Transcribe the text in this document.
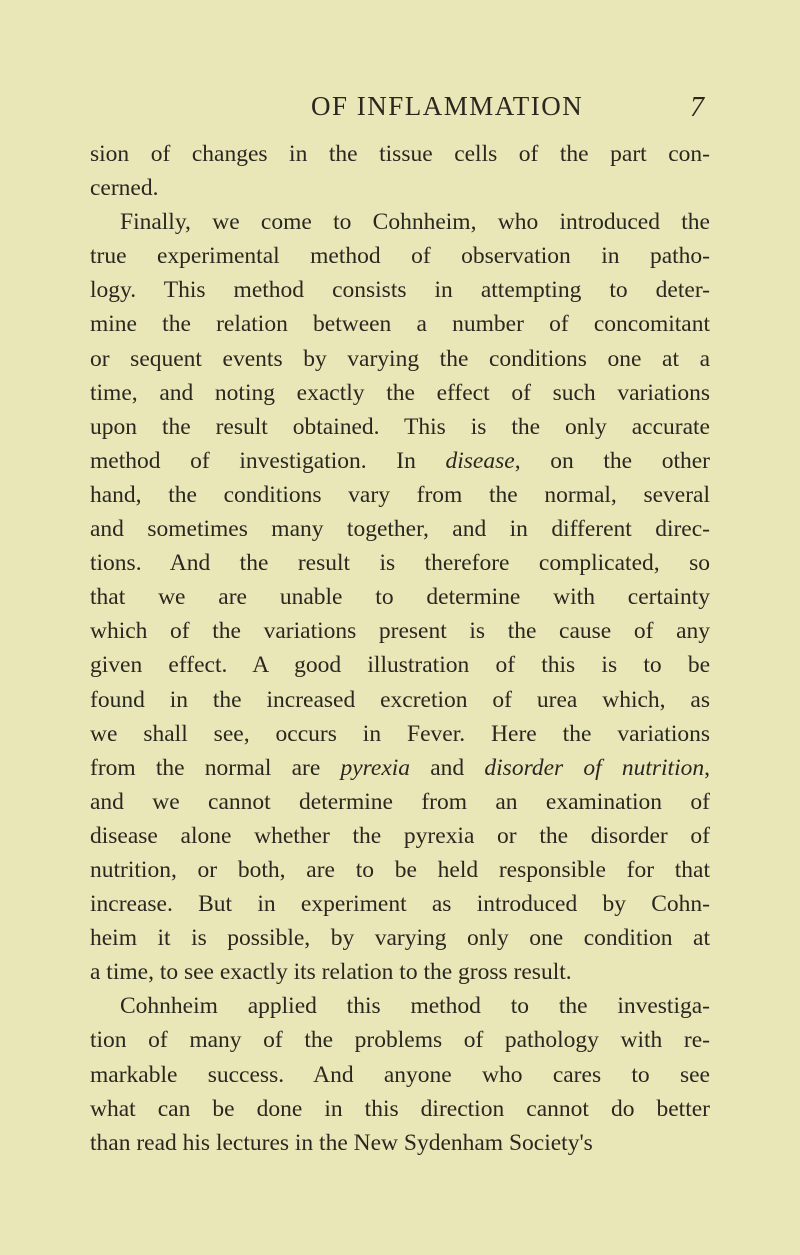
OF INFLAMMATION	7
sion of changes in the tissue cells of the part con-
cerned.
Finally, we come to Cohnheim, who introduced the
true experimental method of observation in patho-
logy. This method consists in attempting to deter-
mine the relation between a number of concomitant
or sequent events by varying the conditions one at a
time, and noting exactly the effect of such variations
upon the result obtained. This is the only accurate
method of investigation. In disease, on the other
hand, the conditions vary from the normal, several
and sometimes many together, and in different direc-
tions. And the result is therefore complicated, so
that we are unable to determine with certainty
which of the variations present is the cause of any
given effect. A good illustration of this is to be
found in the increased excretion of urea which, as
we shall see, occurs in Fever. Here the variations
from the normal are pyrexia and disorder of nutrition,
and we cannot determine from an examination of
disease alone whether the pyrexia or the disorder of
nutrition, or both, are to be held responsible for that
increase. But in experiment as introduced by Cohn-
heim it is possible, by varying only one condition at
a time, to see exactly its relation to the gross result.
Cohnheim applied this method to the investiga-
tion of many of the problems of pathology with re-
markable success. And anyone who cares to see
what can be done in this direction cannot do better
than read his lectures in the New Sydenham Society's
